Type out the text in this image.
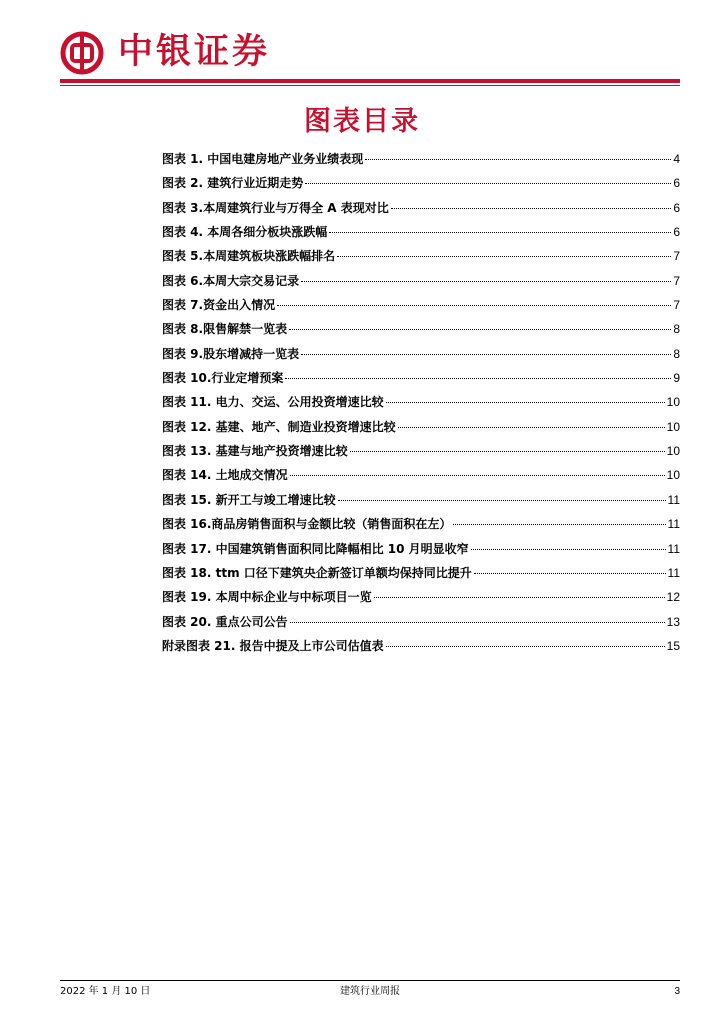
中银证券
图表目录
图表 1. 中国电建房地产业务业绩表现	4
图表 2. 建筑行业近期走势	6
图表 3.本周建筑行业与万得全 A 表现对比	6
图表 4. 本周各细分板块涨跌幅	6
图表 5.本周建筑板块涨跌幅排名	7
图表 6.本周大宗交易记录	7
图表 7.资金出入情况	7
图表 8.限售解禁一览表	8
图表 9.股东增减持一览表	8
图表 10.行业定增预案	9
图表 11. 电力、交运、公用投资增速比较	10
图表 12. 基建、地产、制造业投资增速比较	10
图表 13. 基建与地产投资增速比较	10
图表 14. 土地成交情况	10
图表 15. 新开工与竣工增速比较	11
图表 16.商品房销售面积与金额比较（销售面积在左）	11
图表 17. 中国建筑销售面积同比降幅相比 10 月明显收窄	11
图表 18. ttm 口径下建筑央企新签订单额均保持同比提升	11
图表 19. 本周中标企业与中标项目一览	12
图表 20. 重点公司公告	13
附录图表 21. 报告中提及上市公司估值表	15
2022 年 1 月 10 日	建筑行业周报	3
